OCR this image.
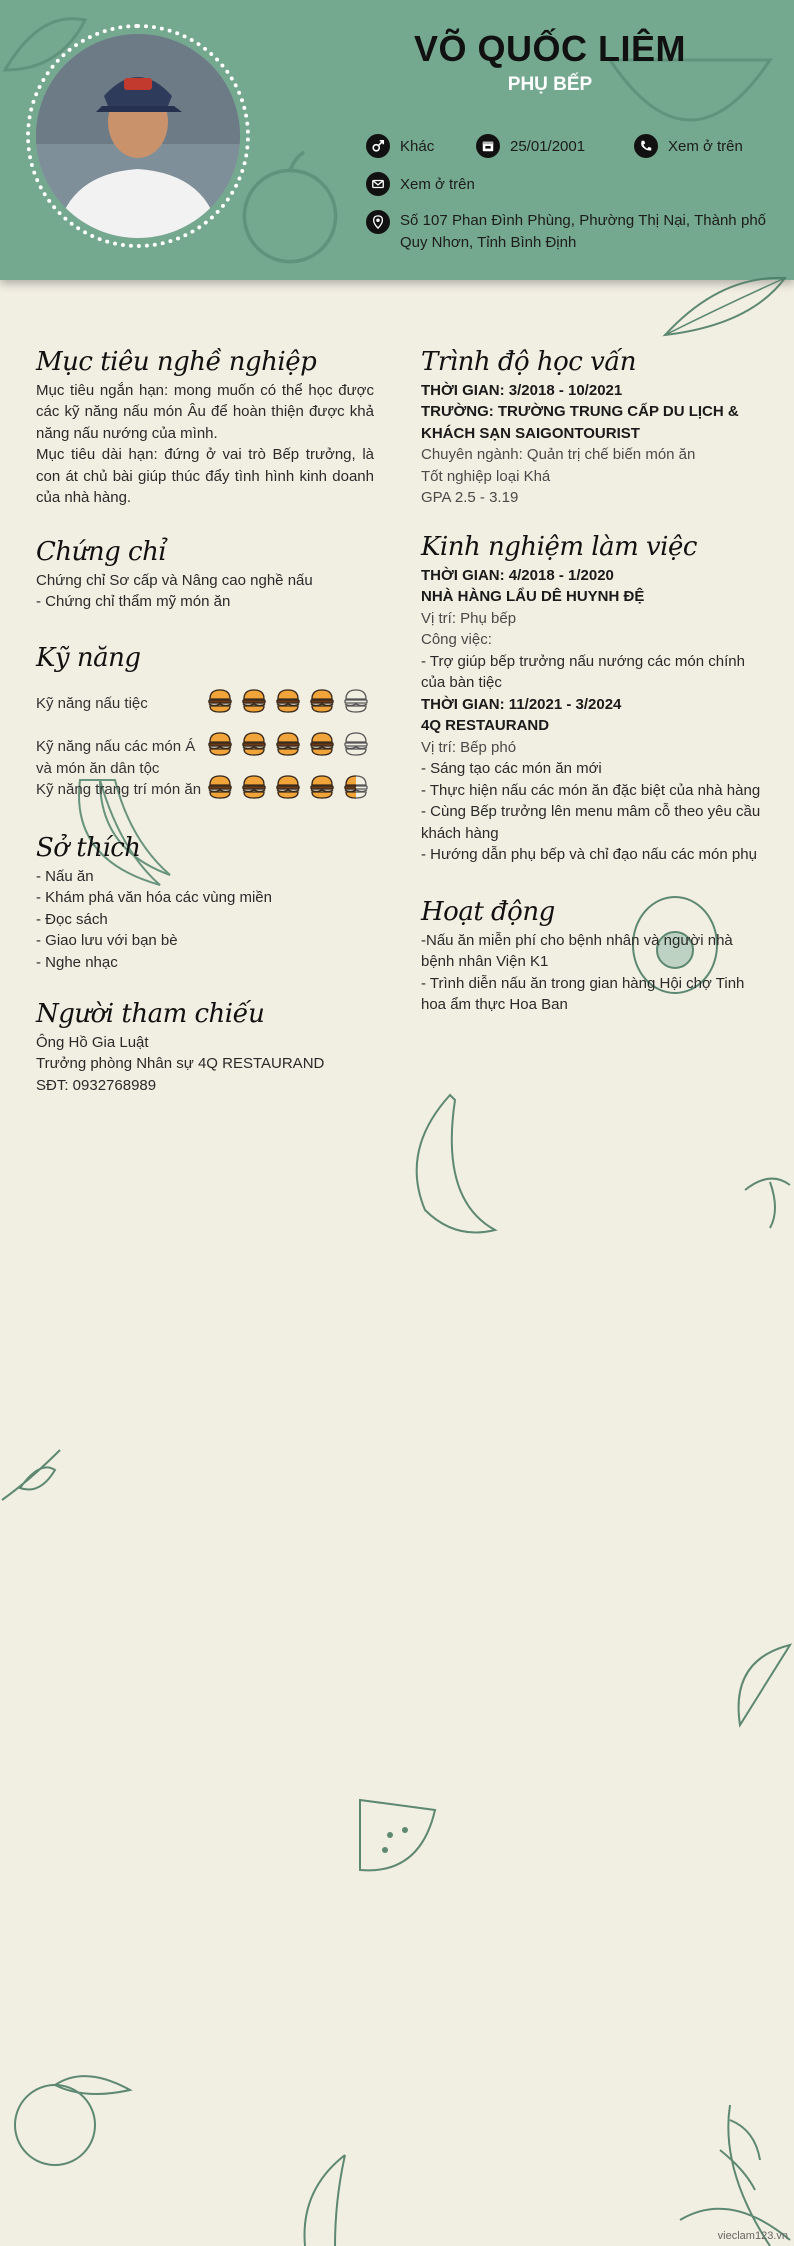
VÕ QUỐC LIÊM
PHỤ BẾP
Khác	25/01/2001	Xem ở trên
Xem ở trên
Số 107 Phan Đình Phùng, Phường Thị Nại, Thành phố Quy Nhơn, Tỉnh Bình Định
Mục tiêu nghề nghiệp
Mục tiêu ngắn hạn: mong muốn có thể học được các kỹ năng nấu món Âu để hoàn thiện được khả năng nấu nướng của mình.
Mục tiêu dài hạn: đứng ở vai trò Bếp trưởng, là con át chủ bài giúp thúc đẩy tình hình kinh doanh của nhà hàng.
Chứng chỉ
Chứng chỉ Sơ cấp và Nâng cao nghề nấu
- Chứng chỉ thẩm mỹ món ăn
Kỹ năng
Kỹ năng nấu tiệc
Kỹ năng nấu các món Á và món ăn dân tộc
Kỹ năng trang trí món ăn
Sở thích
- Nấu ăn
- Khám phá văn hóa các vùng miền
- Đọc sách
- Giao lưu với bạn bè
- Nghe nhạc
Người tham chiếu
Ông Hồ Gia Luật
Trưởng phòng Nhân sự 4Q RESTAURAND
SĐT: 0932768989
Trình độ học vấn
THỜI GIAN: 3/2018 - 10/2021
TRƯỜNG: TRƯỜNG TRUNG CẤP DU LỊCH & KHÁCH SẠN SAIGONTOURIST
Chuyên ngành: Quản trị chế biến món ăn
Tốt nghiệp loại Khá
GPA 2.5 - 3.19
Kinh nghiệm làm việc
THỜI GIAN: 4/2018 - 1/2020
NHÀ HÀNG LẨU DÊ HUYNH ĐỆ
Vị trí: Phụ bếp
Công việc:
- Trợ giúp bếp trưởng nấu nướng các món chính của bàn tiệc
THỜI GIAN: 11/2021 - 3/2024
4Q RESTAURAND
Vị trí: Bếp phó
- Sáng tạo các món ăn mới
- Thực hiện nấu các món ăn đặc biệt của nhà hàng
- Cùng Bếp trưởng lên menu mâm cỗ theo yêu cầu khách hàng
- Hướng dẫn phụ bếp và chỉ đạo nấu các món phụ
Hoạt động
-Nấu ăn miễn phí cho bệnh nhân và người nhà bệnh nhân Viện K1
- Trình diễn nấu ăn trong gian hàng Hội chợ Tinh hoa ẩm thực Hoa Ban
vieclam123.vn
